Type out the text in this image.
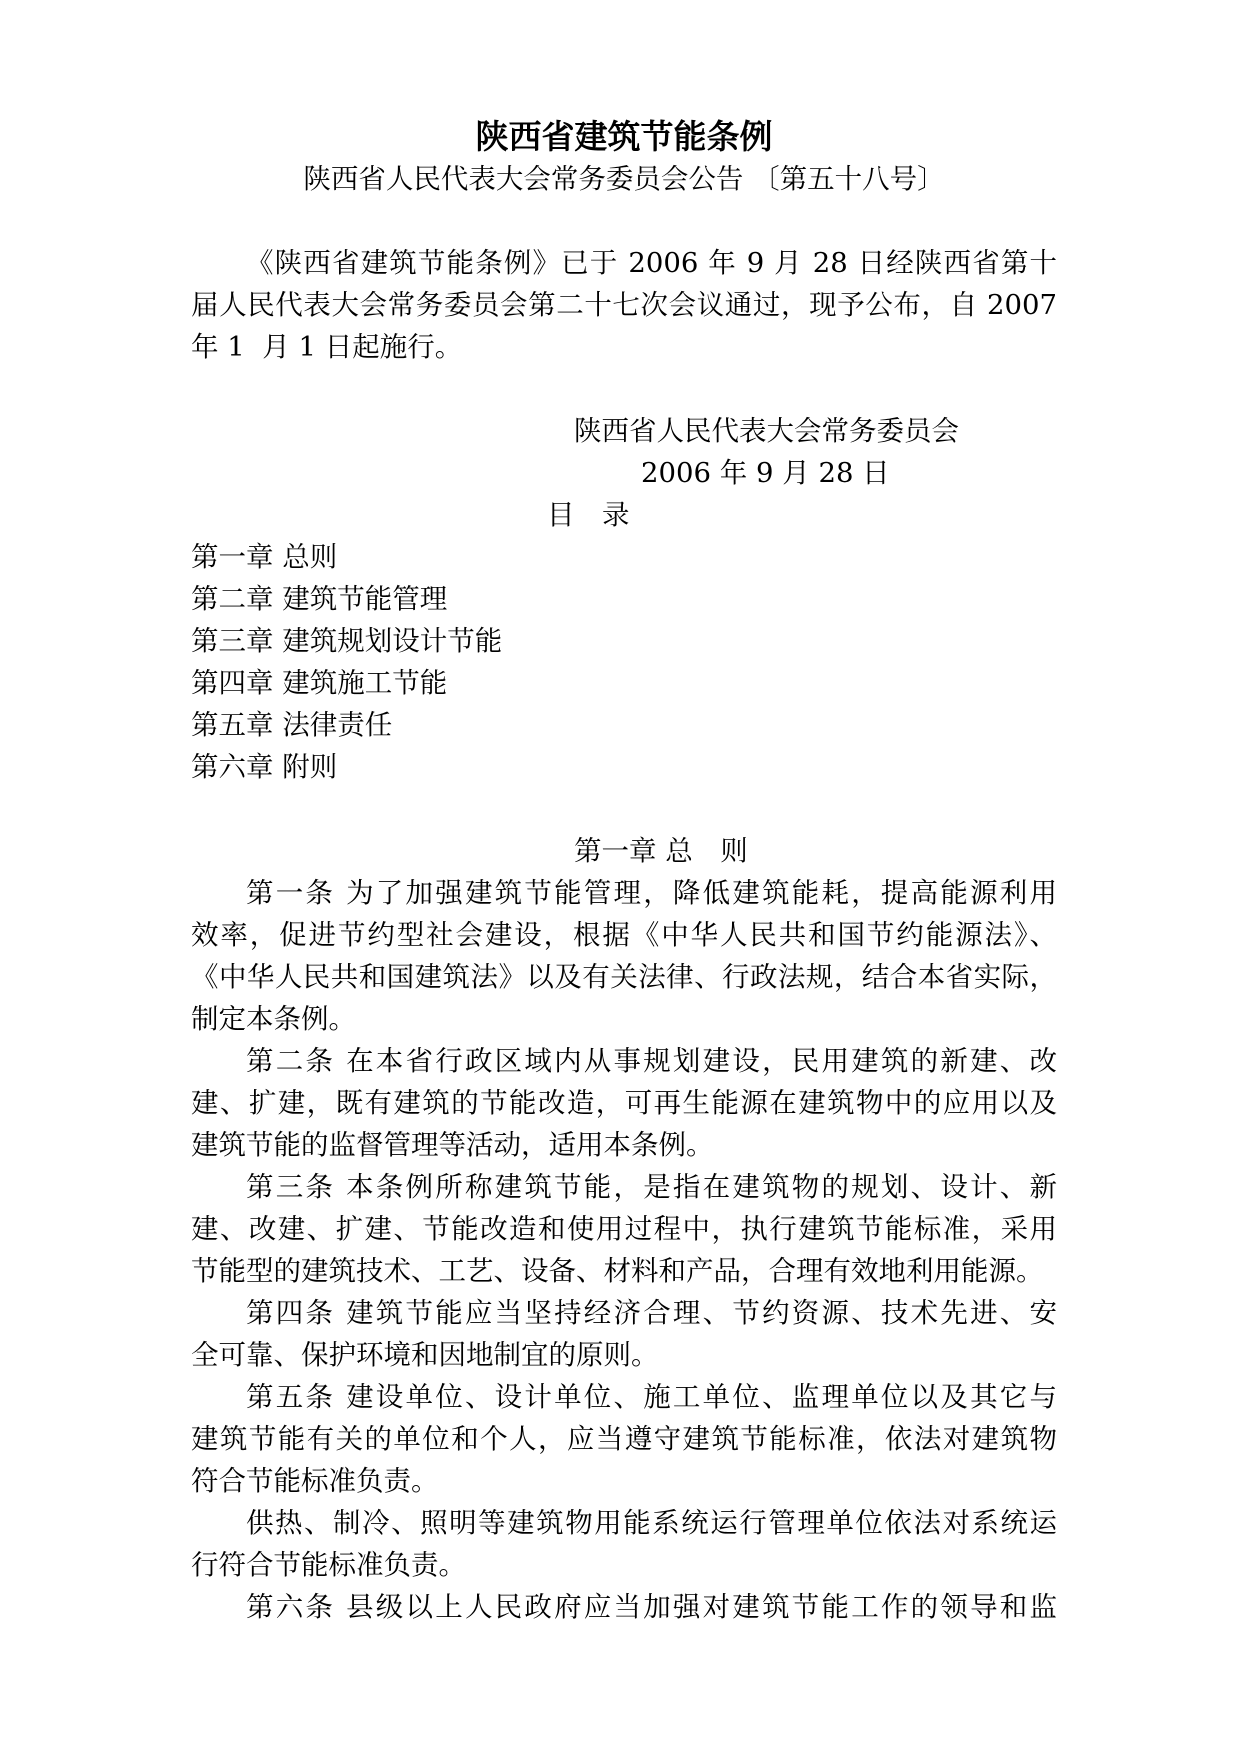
陕西省建筑节能条例
陕西省人民代表大会常务委员会公告 〔第五十八号〕
《陕西省建筑节能条例》已于 2006 年 9 月 28 日经陕西省第十
届人民代表大会常务委员会第二十七次会议通过，现予公布，自 2007
年 1  月 1 日起施行。
陕西省人民代表大会常务委员会
2006 年 9 月 28 日
目　录
第一章 总则
第二章 建筑节能管理
第三章 建筑规划设计节能
第四章 建筑施工节能
第五章 法律责任
第六章 附则
第一章 总　则
第一条 为了加强建筑节能管理，降低建筑能耗，提高能源利用
效率，促进节约型社会建设，根据《中华人民共和国节约能源法》、
《中华人民共和国建筑法》以及有关法律、行政法规，结合本省实际，
制定本条例。
第二条 在本省行政区域内从事规划建设，民用建筑的新建、改
建、扩建，既有建筑的节能改造，可再生能源在建筑物中的应用以及
建筑节能的监督管理等活动，适用本条例。
第三条 本条例所称建筑节能，是指在建筑物的规划、设计、新
建、改建、扩建、节能改造和使用过程中，执行建筑节能标准，采用
节能型的建筑技术、工艺、设备、材料和产品，合理有效地利用能源。
第四条 建筑节能应当坚持经济合理、节约资源、技术先进、安
全可靠、保护环境和因地制宜的原则。
第五条 建设单位、设计单位、施工单位、监理单位以及其它与
建筑节能有关的单位和个人，应当遵守建筑节能标准，依法对建筑物
符合节能标准负责。
供热、制冷、照明等建筑物用能系统运行管理单位依法对系统运
行符合节能标准负责。
第六条 县级以上人民政府应当加强对建筑节能工作的领导和监
